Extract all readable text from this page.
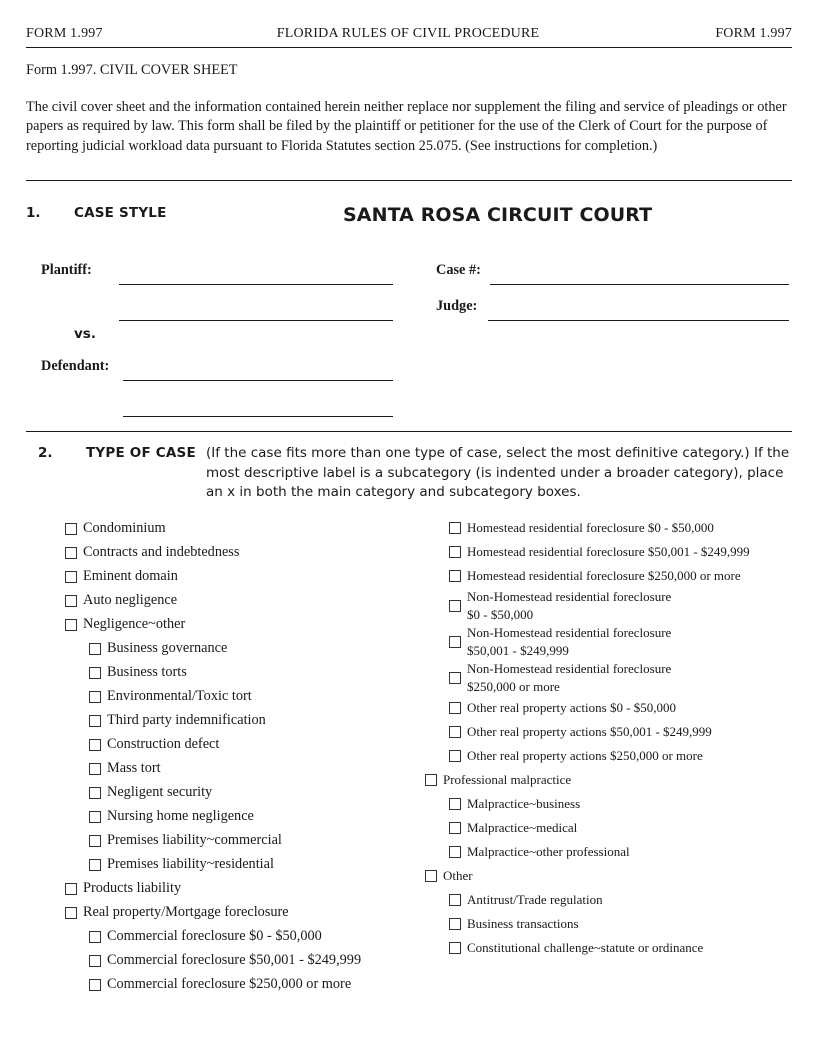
FORM 1.997	FLORIDA RULES OF CIVIL PROCEDURE	FORM 1.997
Form 1.997. CIVIL COVER SHEET
The civil cover sheet and the information contained herein neither replace nor supplement the filing and service of pleadings or other papers as required by law. This form shall be filed by the plaintiff or petitioner for the use of the Clerk of Court for the purpose of reporting judicial workload data pursuant to Florida Statutes section 25.075. (See instructions for completion.)
1. CASE STYLE	SANTA ROSA CIRCUIT COURT
Plantiff:
vs.
Defendant:
Case #:
Judge:
2. TYPE OF CASE (If the case fits more than one type of case, select the most definitive category.) If the most descriptive label is a subcategory (is indented under a broader category), place an x in both the main category and subcategory boxes.
Condominium
Contracts and indebtedness
Eminent domain
Auto negligence
Negligence~other
Business governance
Business torts
Environmental/Toxic tort
Third party indemnification
Construction defect
Mass tort
Negligent security
Nursing home negligence
Premises liability~commercial
Premises liability~residential
Products liability
Real property/Mortgage foreclosure
Commercial foreclosure $0 - $50,000
Commercial foreclosure $50,001 - $249,999
Commercial foreclosure $250,000 or more
Homestead residential foreclosure $0 - $50,000
Homestead residential foreclosure $50,001 - $249,999
Homestead residential foreclosure $250,000 or more
Non-Homestead residential foreclosure
$0 - $50,000
Non-Homestead residential foreclosure
$50,001 - $249,999
Non-Homestead residential foreclosure
$250,000 or more
Other real property actions $0 - $50,000
Other real property actions $50,001 - $249,999
Other real property actions $250,000 or more
Professional malpractice
Malpractice~business
Malpractice~medical
Malpractice~other professional
Other
Antitrust/Trade regulation
Business transactions
Constitutional challenge~statute or ordinance
